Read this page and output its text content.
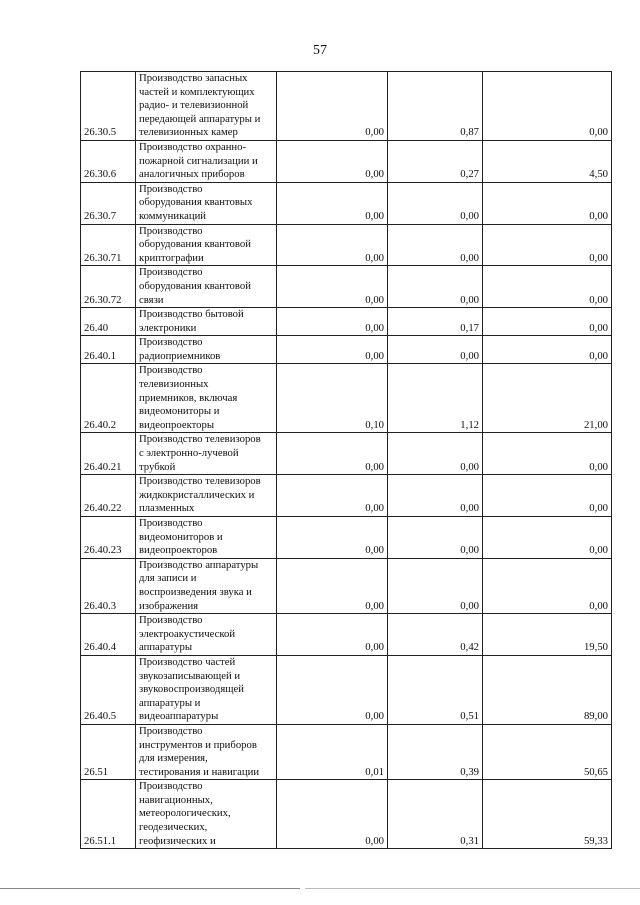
57
26.30.5	Производство запасных
частей и комплектующих
радио- и телевизионной
передающей аппаратуры и
телевизионных камер	0,00	0,87	0,00
26.30.6	Производство охранно-
пожарной сигнализации и
аналогичных приборов	0,00	0,27	4,50
26.30.7	Производство
оборудования квантовых
коммуникаций	0,00	0,00	0,00
26.30.71	Производство
оборудования квантовой
криптографии	0,00	0,00	0,00
26.30.72	Производство
оборудования квантовой
связи	0,00	0,00	0,00
26.40	Производство бытовой
электроники	0,00	0,17	0,00
26.40.1	Производство
радиоприемников	0,00	0,00	0,00
26.40.2	Производство
телевизионных
приемников, включая
видеомониторы и
видеопроекторы	0,10	1,12	21,00
26.40.21	Производство телевизоров
с электронно-лучевой
трубкой	0,00	0,00	0,00
26.40.22	Производство телевизоров
жидкокристаллических и
плазменных	0,00	0,00	0,00
26.40.23	Производство
видеомониторов и
видеопроекторов	0,00	0,00	0,00
26.40.3	Производство аппаратуры
для записи и
воспроизведения звука и
изображения	0,00	0,00	0,00
26.40.4	Производство
электроакустической
аппаратуры	0,00	0,42	19,50
26.40.5	Производство частей
звукозаписывающей и
звуковоспроизводящей
аппаратуры и
видеоаппаратуры	0,00	0,51	89,00
26.51	Производство
инструментов и приборов
для измерения,
тестирования и навигации	0,01	0,39	50,65
26.51.1	Производство
навигационных,
метеорологических,
геодезических,
геофизических и	0,00	0,31	59,33
